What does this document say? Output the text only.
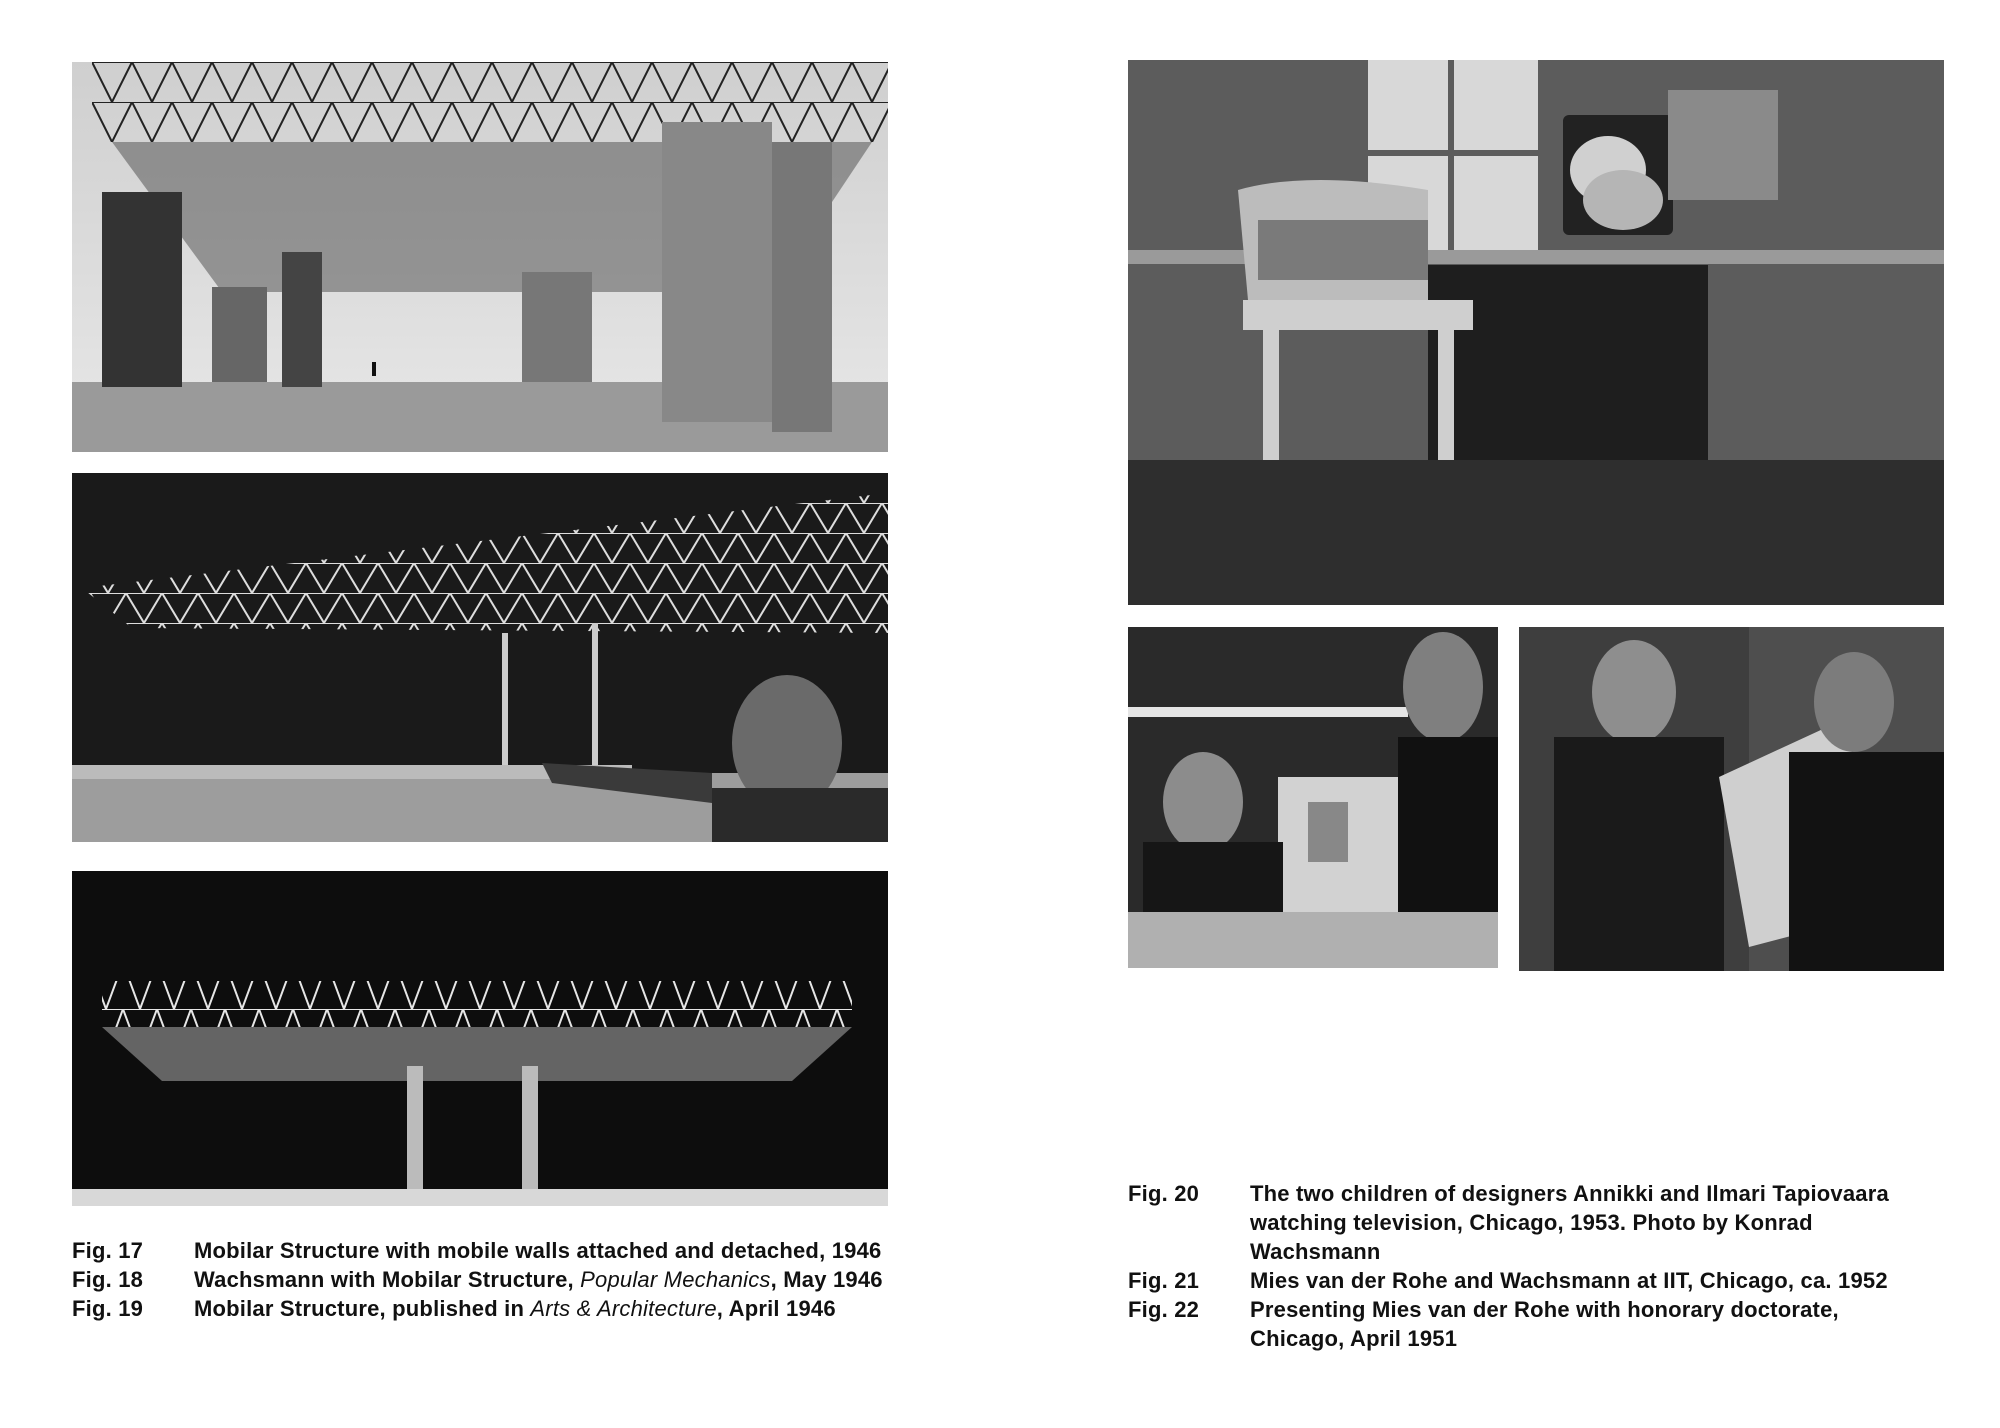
Fig. 17	Mobilar Structure with mobile walls attached and detached, 1946
Fig. 18	Wachsmann with Mobilar Structure, Popular Mechanics, May 1946
Fig. 19	Mobilar Structure, published in Arts & Architecture, April 1946
Fig. 20	The two children of designers Annikki and Ilmari Tapiovaara watching television, Chicago, 1953. Photo by Konrad Wachsmann
Fig. 21	Mies van der Rohe and Wachsmann at IIT, Chicago, ca. 1952
Fig. 22	Presenting Mies van der Rohe with honorary doctorate, Chicago, April 1951
